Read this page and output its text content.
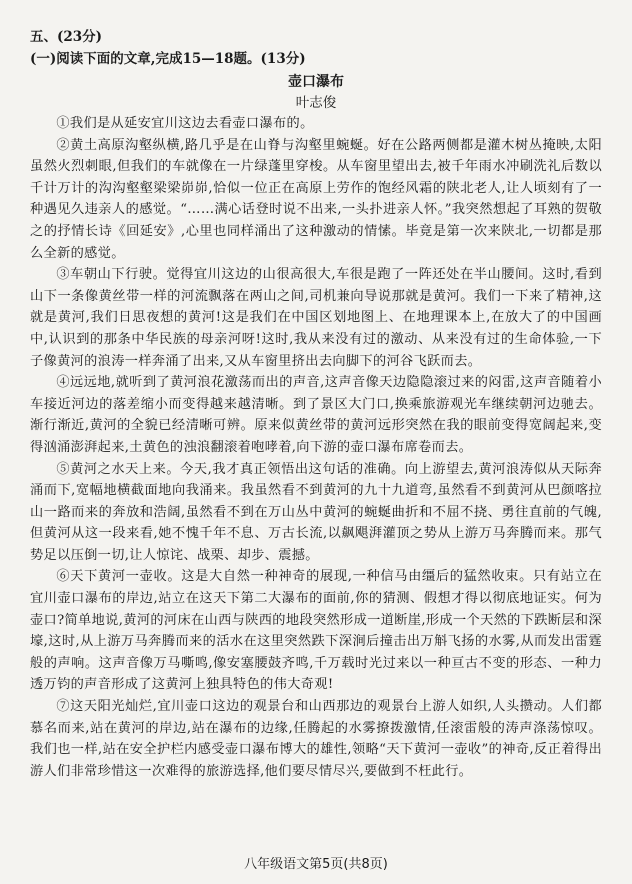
五、(23分)
(一)阅读下面的文章,完成15—18题。(13分)
壶口瀑布
叶志俊

①我们是从延安宜川这边去看壶口瀑布的。

②黄土高原沟壑纵横,路几乎是在山脊与沟壑里蜿蜒。好在公路两侧都是灌木树丛掩映,太阳虽然火烈刺眼,但我们的车就像在一片绿蓬里穿梭。从车窗里望出去,被千年雨水冲刷洗礼后数以千计万计的沟沟壑壑梁梁峁峁,恰似一位正在高原上劳作的饱经风霜的陕北老人,让人顷刻有了一种遇见久违亲人的感觉。“……满心话登时说不出来,一头扑进亲人怀。”我突然想起了耳熟的贺敬之的抒情长诗《回延安》,心里也同样涌出了这种激动的情愫。毕竟是第一次来陕北,一切都是那么全新的感觉。

③车朝山下行驶。觉得宜川这边的山很高很大,车很是跑了一阵还处在半山腰间。这时,看到山下一条像黄丝带一样的河流飘落在两山之间,司机兼向导说那就是黄河。我们一下来了精神,这就是黄河,我们日思夜想的黄河!这是我们在中国区划地图上、在地理课本上,在放大了的中国画中,认识到的那条中华民族的母亲河呀!这时,我从来没有过的激动、从来没有过的生命体验,一下子像黄河的浪涛一样奔涌了出来,又从车窗里挤出去向脚下的河谷飞跃而去。

④远远地,就听到了黄河浪花激荡而出的声音,这声音像天边隐隐滚过来的闷雷,这声音随着小车接近河边的落差缩小而变得越来越清晰。到了景区大门口,换乘旅游观光车继续朝河边驰去。渐行渐近,黄河的全貌已经清晰可辨。原来似黄丝带的黄河远形突然在我的眼前变得宽阔起来,变得汹涌澎湃起来,土黄色的浊浪翻滚着咆哮着,向下游的壶口瀑布席卷而去。

⑤黄河之水天上来。今天,我才真正领悟出这句话的准确。向上游望去,黄河浪涛似从天际奔涌而下,宽幅地横截面地向我涌来。我虽然看不到黄河的九十九道弯,虽然看不到黄河从巴颜喀拉山一路而来的奔放和浩阔,虽然看不到在万山丛中黄河的蜿蜒曲折和不屈不挠、勇往直前的气魄,但黄河从这一段来看,她不愧千年不息、万古长流,以飙飓湃灌顶之势从上游万马奔腾而来。那气势足以压倒一切,让人惊诧、战栗、却步、震撼。

⑥天下黄河一壶收。这是大自然一种神奇的展现,一种信马由缰后的猛然收束。只有站立在宜川壶口瀑布的岸边,站立在这天下第二大瀑布的面前,你的猜测、假想才得以彻底地证实。何为壶口?简单地说,黄河的河床在山西与陕西的地段突然形成一道断崖,形成一个天然的下跌断层和深壕,这时,从上游万马奔腾而来的活水在这里突然跌下深涧后撞击出万斛飞扬的水雾,从而发出雷霆般的声响。这声音像万马嘶鸣,像安塞腰鼓齐鸣,千万载时光过来以一种亘古不变的形态、一种力透万钧的声音形成了这黄河上独具特色的伟大奇观!

⑦这天阳光灿烂,宜川壶口这边的观景台和山西那边的观景台上游人如织,人头攒动。人们都慕名而来,站在黄河的岸边,站在瀑布的边缘,任腾起的水雾撩拨激情,任滚雷般的涛声涤荡惊叹。我们也一样,站在安全护栏内感受壶口瀑布博大的雄性,领略“天下黄河一壶收”的神奇,反正着得出游人们非常珍惜这一次难得的旅游选择,他们要尽情尽兴,要做到不枉此行。

八年级语文第5页(共8页)
